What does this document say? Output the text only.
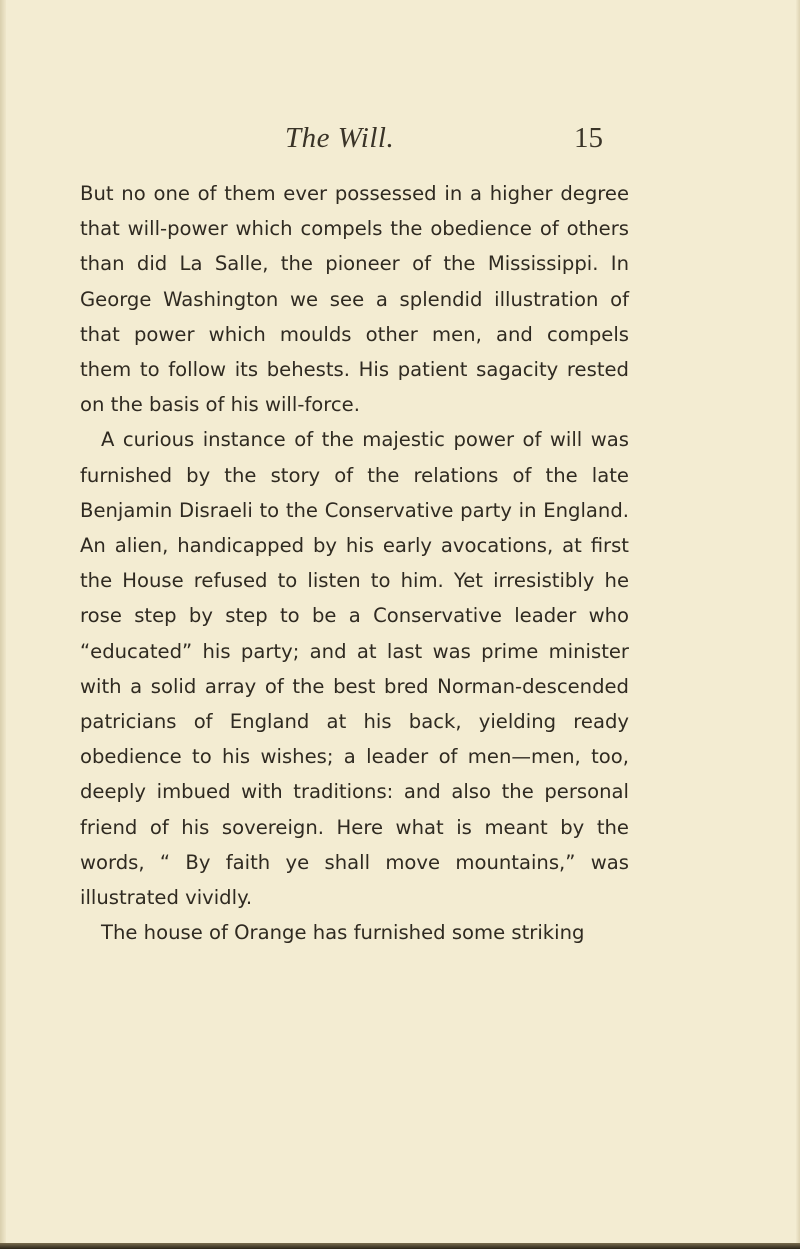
The Will.	15

But no one of them ever possessed in a higher degree that will-power which compels the obedience of others than did La Salle, the pioneer of the Mississippi. In George Washington we see a splendid illustration of that power which moulds other men, and compels them to follow its behests. His patient sagacity rested on the basis of his will-force.

A curious instance of the majestic power of will was furnished by the story of the relations of the late Benjamin Disraeli to the Conservative party in England. An alien, handicapped by his early avocations, at first the House refused to listen to him. Yet irresistibly he rose step by step to be a Conservative leader who “educated” his party; and at last was prime minister with a solid array of the best bred Norman-descended patricians of England at his back, yielding ready obedience to his wishes; a leader of men—men, too, deeply imbued with traditions: and also the personal friend of his sovereign. Here what is meant by the words, “ By faith ye shall move mountains,” was illustrated vividly.

The house of Orange has furnished some striking
